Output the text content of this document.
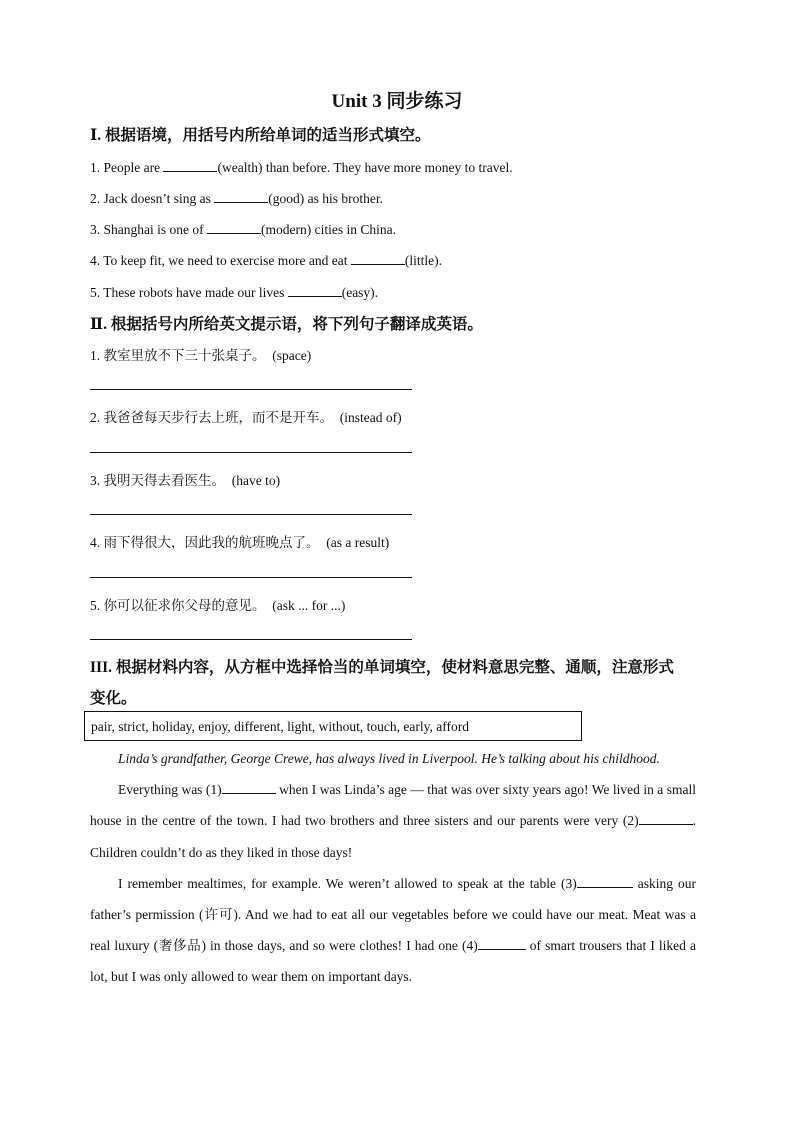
Unit 3 同步练习
Ⅰ. 根据语境，用括号内所给单词的适当形式填空。
1. People are	(wealth) than before. They have more money to travel.
2. Jack doesn’t sing as	(good) as his brother.
3. Shanghai is one of	(modern) cities in China.
4. To keep fit, we need to exercise more and eat	(little).
5. These robots have made our lives	(easy).
Ⅱ. 根据括号内所给英文提示语，将下列句子翻译成英语。
1. 教室里放不下三十张桌子。 (space)
2. 我爸爸每天步行去上班，而不是开车。 (instead of)
3. 我明天得去看医生。 (have to)
4. 雨下得很大，因此我的航班晚点了。 (as a result)
5. 你可以征求你父母的意见。 (ask ... for ...)
III. 根据材料内容，从方框中选择恰当的单词填空，使材料意思完整、通顺，注意形式
变化。
pair, strict, holiday, enjoy, different, light, without, touch, early, afford
Linda’s grandfather, George Crewe, has always lived in Liverpool. He’s talking about his childhood.
Everything was (1)	when I was Linda’s age — that was over sixty years ago! We lived in a small house in the centre of the town. I had two brothers and three sisters and our parents were very (2)	. Children couldn’t do as they liked in those days!
I remember mealtimes, for example. We weren’t allowed to speak at the table (3)	asking our father’s permission (许可). And we had to eat all our vegetables before we could have our meat. Meat was a real luxury (奢侈品) in those days, and so were clothes! I had one (4)	of smart trousers that I liked a lot, but I was only allowed to wear them on important days.
